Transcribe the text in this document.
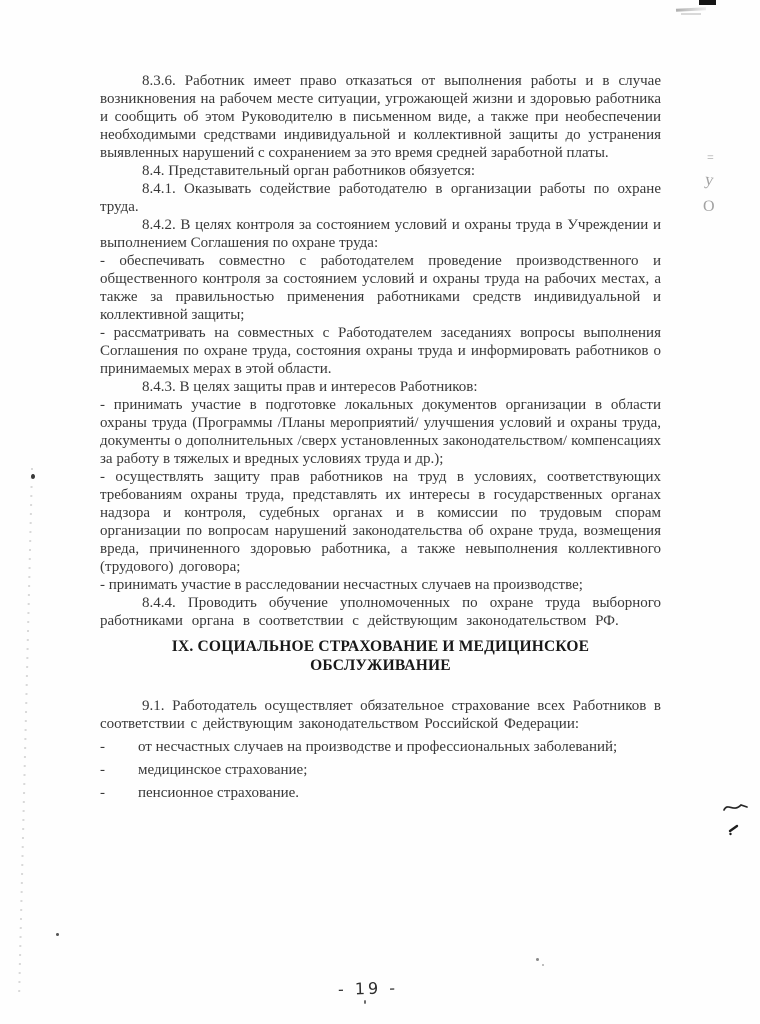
8.3.6. Работник имеет право отказаться от выполнения работы и в случае возникновения на рабочем месте ситуации, угрожающей жизни и здоровью работника и сообщить об этом Руководителю в письменном виде, а также при необеспечении необходимыми средствами индивидуальной и коллективной защиты до устранения выявленных нарушений с сохранением за это время средней заработной платы.

8.4. Представительный орган работников обязуется:

8.4.1. Оказывать содействие работодателю в организации работы по охране труда.

8.4.2. В целях контроля за состоянием условий и охраны труда в Учреждении и выполнением Соглашения по охране труда:

- обеспечивать совместно с работодателем проведение производственного и общественного контроля за состоянием условий и охраны труда на рабочих местах, а также за правильностью применения работниками средств индивидуальной и коллективной защиты;

- рассматривать на совместных с Работодателем заседаниях вопросы выполнения Соглашения по охране труда, состояния охраны труда и информировать работников о принимаемых мерах в этой области.

8.4.3. В целях защиты прав и интересов Работников:

- принимать участие в подготовке локальных документов организации в области охраны труда (Программы /Планы мероприятий/ улучшения условий и охраны труда, документы о дополнительных /сверх установленных законодательством/ компенсациях за работу в тяжелых и вредных условиях труда и др.);

- осуществлять защиту прав работников на труд в условиях, соответствующих требованиям охраны труда, представлять их интересы в государственных органах надзора и контроля, судебных органах и в комиссии по трудовым спорам организации по вопросам нарушений законодательства об охране труда, возмещения вреда, причиненного здоровью работника, а также невыполнения коллективного (трудового) договора;

- принимать участие в расследовании несчастных случаев на производстве;

8.4.4. Проводить обучение уполномоченных по охране труда выборного работниками органа в соответствии с действующим законодательством РФ.

IX. СОЦИАЛЬНОЕ СТРАХОВАНИЕ И МЕДИЦИНСКОЕ ОБСЛУЖИВАНИЕ

9.1. Работодатель осуществляет обязательное страхование всех Работников в соответствии с действующим законодательством Российской Федерации:

- от несчастных случаев на производстве и профессиональных заболеваний;

- медицинское страхование;

- пенсионное страхование.

- 19 -
=
у
О
